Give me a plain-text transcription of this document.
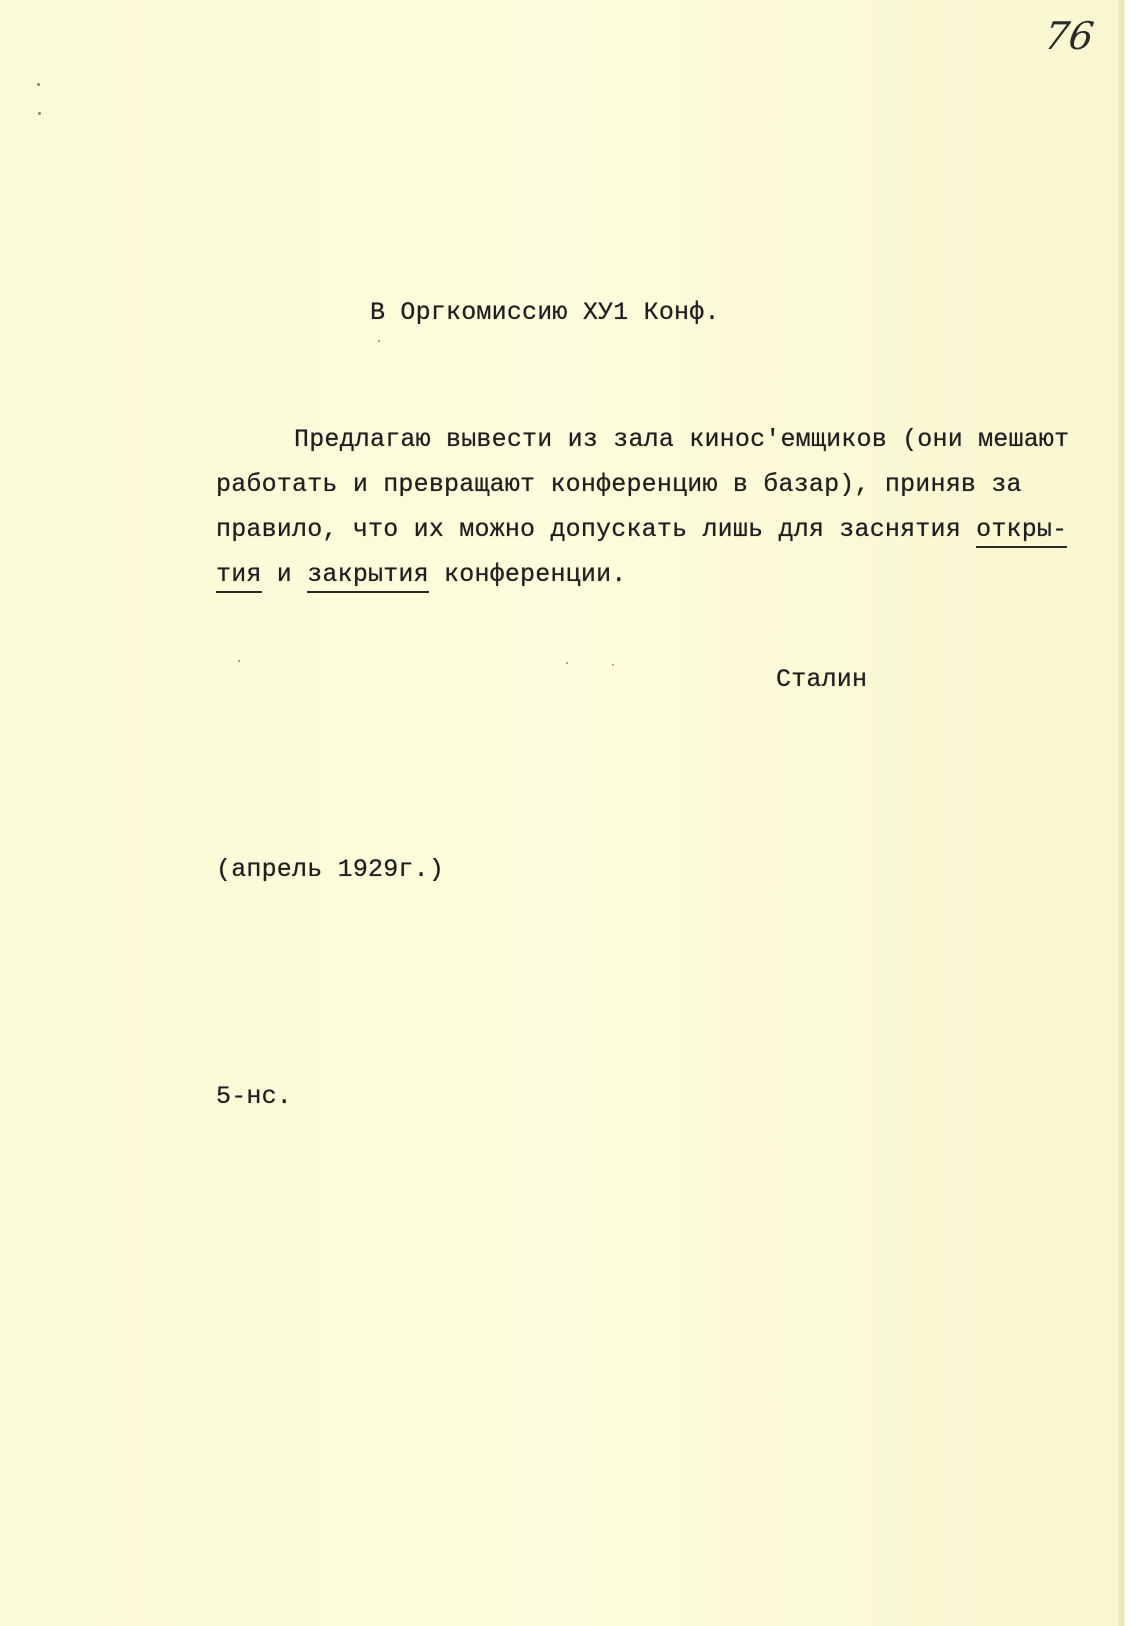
76
В Оргкомиссию ХУ1 Конф.
Предлагаю вывести из зала кинос'емщиков (они мешают
работать и превращают конференцию в базар), приняв за
правило, что их можно допускать лишь для заснятия откры-
тия и закрытия конференции.
Сталин
(апрель 1929г.)
5-нс.
